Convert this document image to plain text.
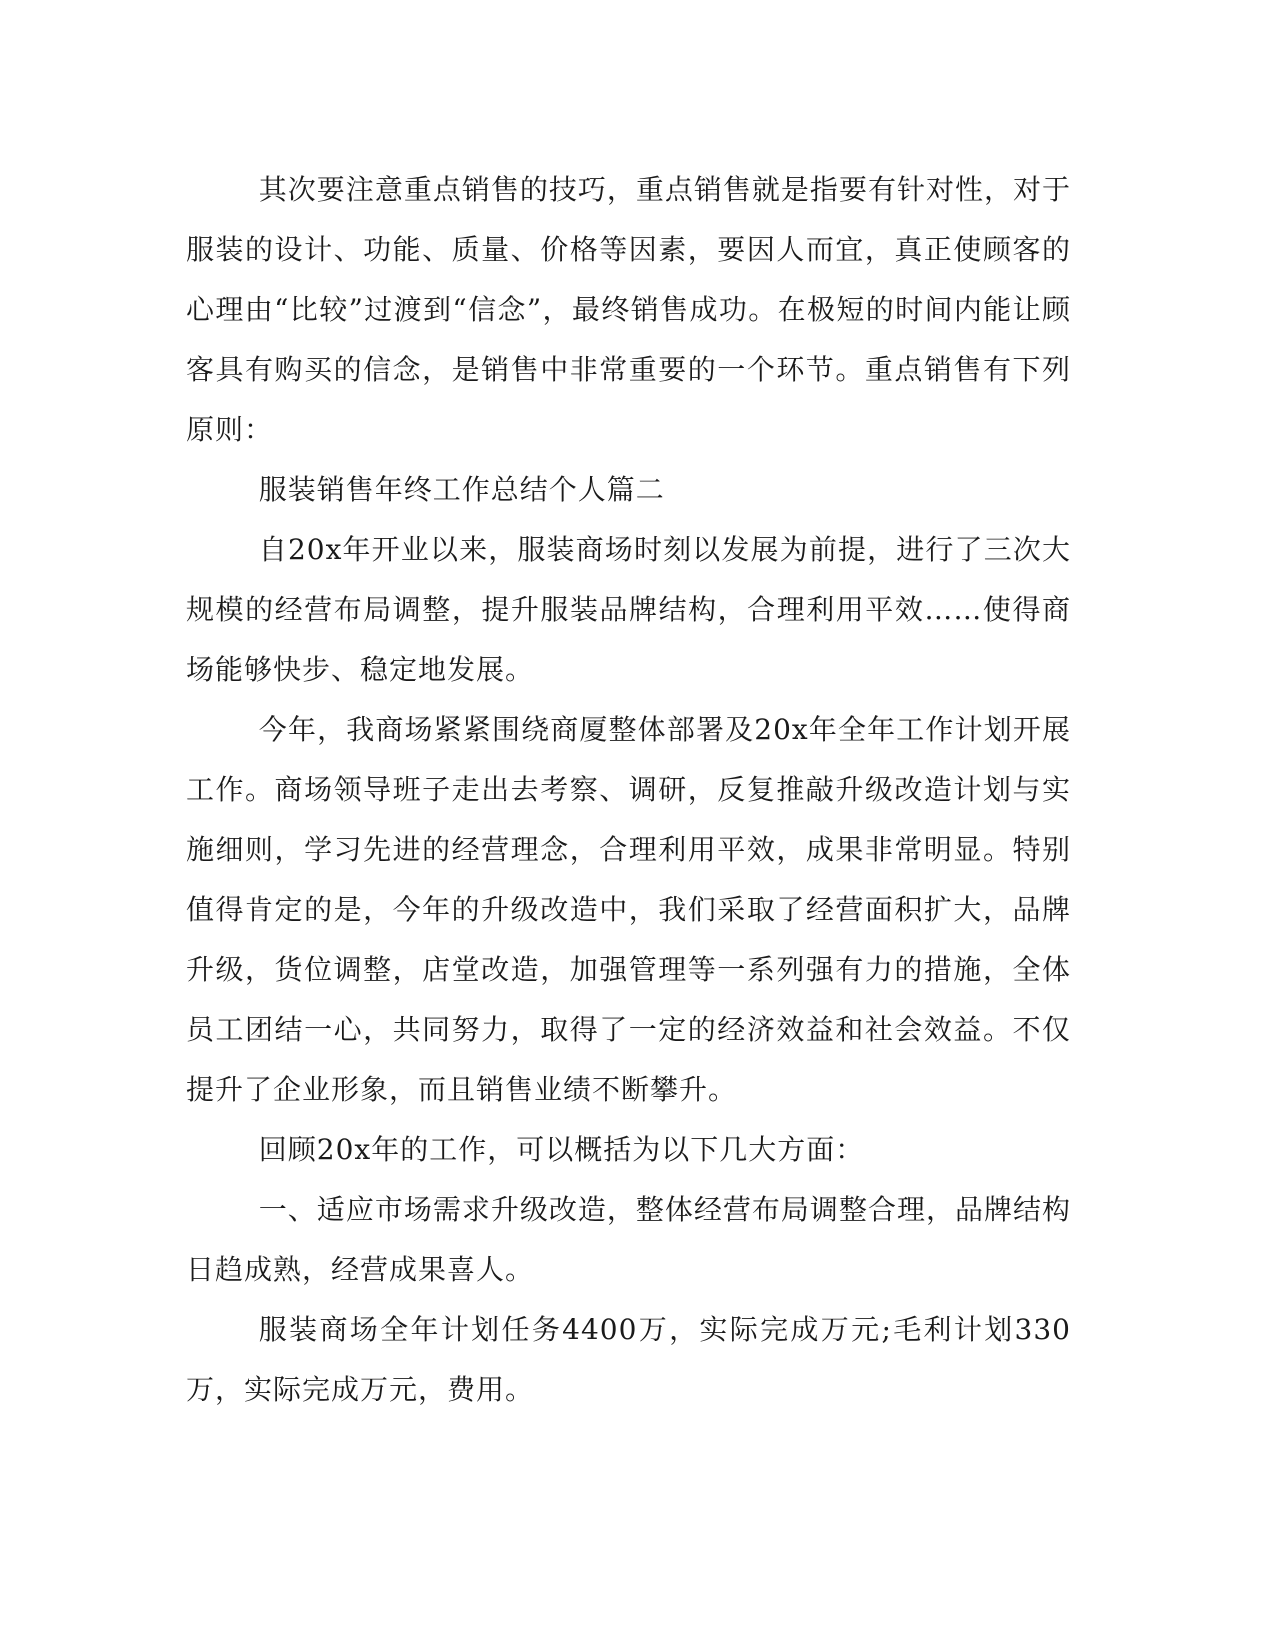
其次要注意重点销售的技巧，重点销售就是指要有针对性，对于服装的设计、功能、质量、价格等因素，要因人而宜，真正使顾客的心理由“比较”过渡到“信念”，最终销售成功。在极短的时间内能让顾客具有购买的信念，是销售中非常重要的一个环节。重点销售有下列原则：

服装销售年终工作总结个人篇二

自20x年开业以来，服装商场时刻以发展为前提，进行了三次大规模的经营布局调整，提升服装品牌结构，合理利用平效……使得商场能够快步、稳定地发展。

今年，我商场紧紧围绕商厦整体部署及20x年全年工作计划开展工作。商场领导班子走出去考察、调研，反复推敲升级改造计划与实施细则，学习先进的经营理念，合理利用平效，成果非常明显。特别值得肯定的是，今年的升级改造中，我们采取了经营面积扩大，品牌升级，货位调整，店堂改造，加强管理等一系列强有力的措施，全体员工团结一心，共同努力，取得了一定的经济效益和社会效益。不仅提升了企业形象，而且销售业绩不断攀升。

回顾20x年的工作，可以概括为以下几大方面：

一、适应市场需求升级改造，整体经营布局调整合理，品牌结构日趋成熟，经营成果喜人。

服装商场全年计划任务4400万，实际完成万元;毛利计划330万，实际完成万元，费用。
